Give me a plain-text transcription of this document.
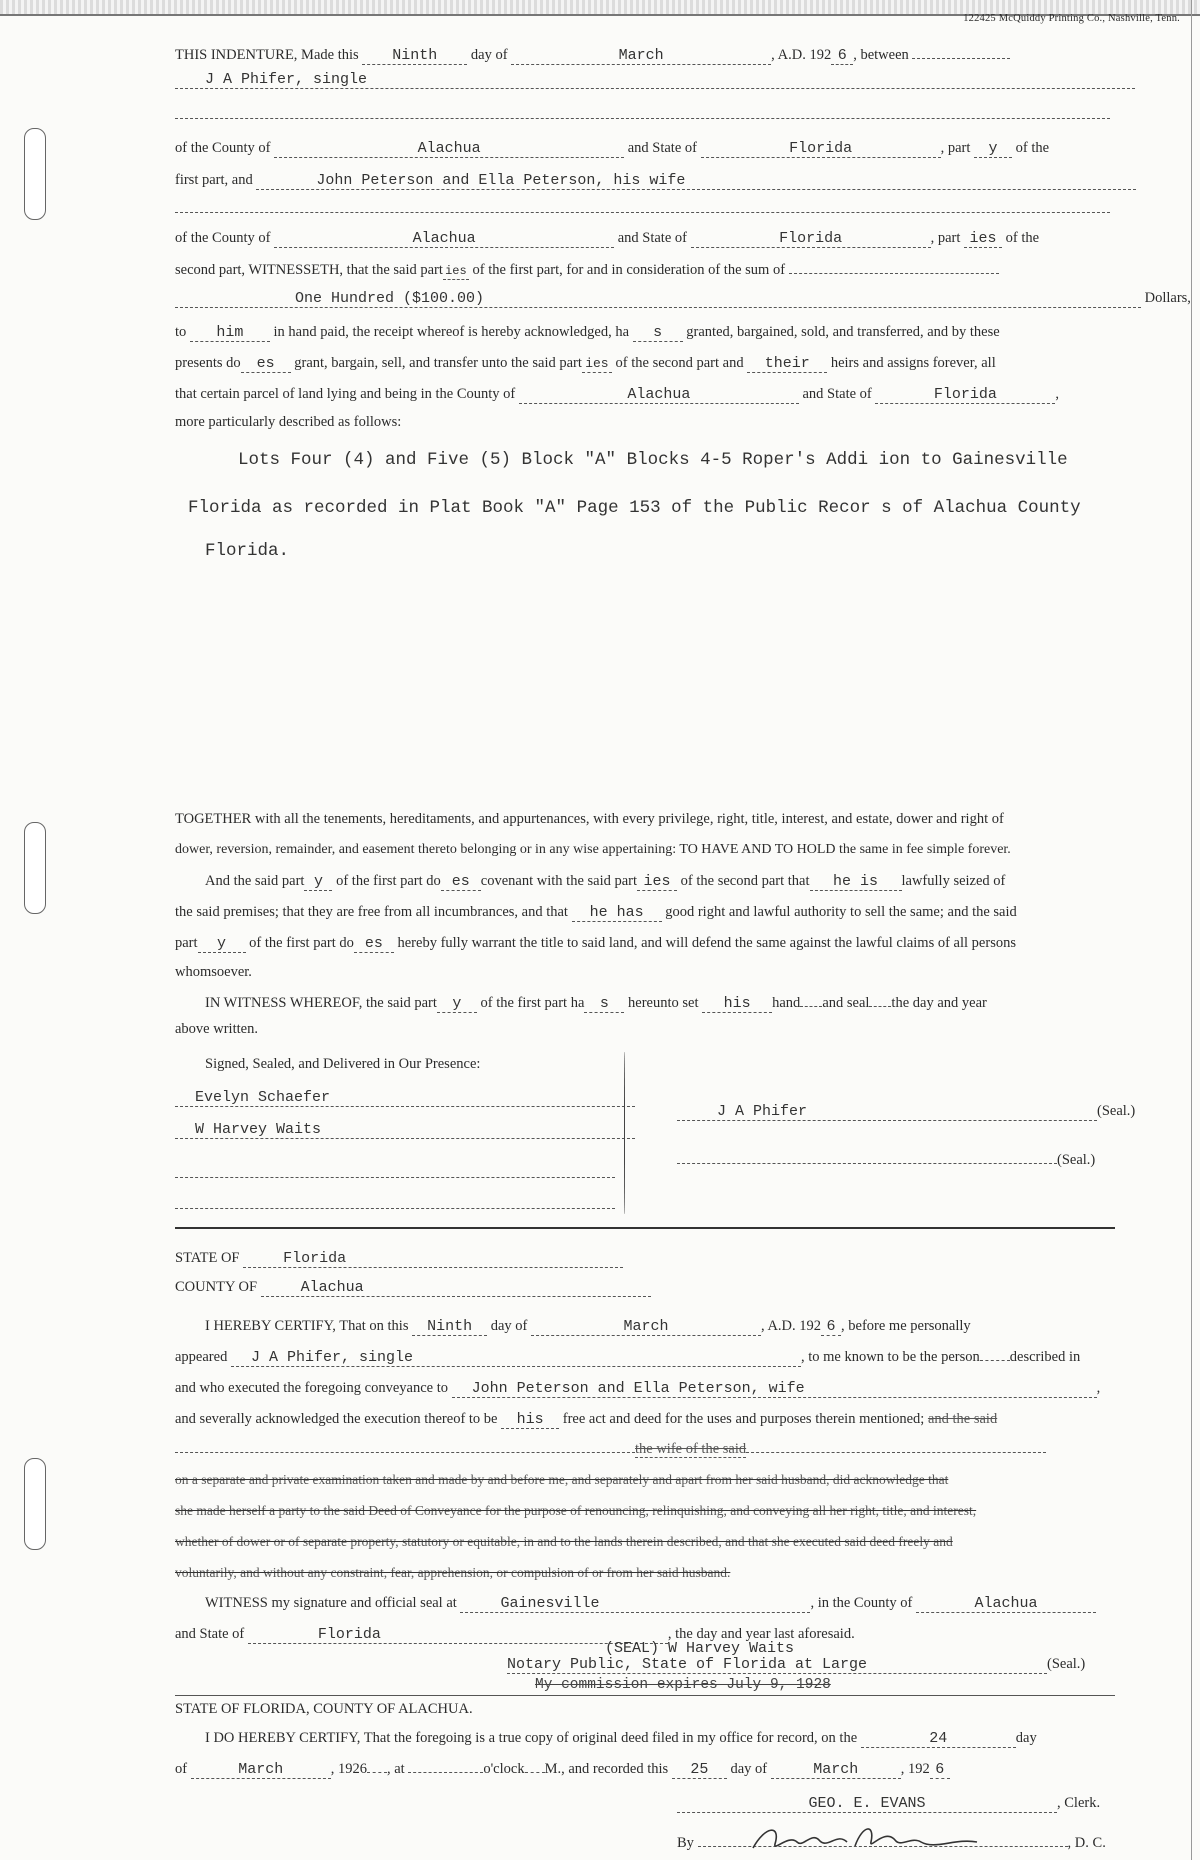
122425 McQuiddy Printing Co., Nashville, Tenn.
THIS INDENTURE, Made this Ninth day of	March	, A.D. 192 6 , between
J A Phifer, single
of the County of	Alachua	and State of	Florida	, part y of the
first part, and	John Peterson and Ella Peterson, his wife
of the County of	Alachua	and State of	Florida	, part ies of the
second part, WITNESSETH, that the said part ies of the first part, for and in consideration of the sum of
One Hundred ($100.00)	Dollars,
to him in hand paid, the receipt whereof is hereby acknowledged, ha s granted, bargained, sold, and transferred, and by these
presents do es grant, bargain, sell, and transfer unto the said part ies of the second part and their heirs and assigns forever, all
that certain parcel of land lying and being in the County of	Alachua	and State of	Florida	,
more particularly described as follows:
Lots Four (4) and Five (5) Block "A" Blocks 4-5 Roper's Addi ion to Gainesville
Florida as recorded in Plat Book "A" Page 153 of the Public Recor s of Alachua County
Florida.
TOGETHER with all the tenements, hereditaments, and appurtenances, with every privilege, right, title, interest, and estate, dower and right of
dower, reversion, remainder, and easement thereto belonging or in any wise appertaining: TO HAVE AND TO HOLD the same in fee simple forever.
And the said part y of the first part do es covenant with the said part ies of the second part that he is lawfully seized of
the said premises; that they are free from all incumbrances, and that he has good right and lawful authority to sell the same; and the said
part y of the first part do es hereby fully warrant the title to said land, and will defend the same against the lawful claims of all persons
whomsoever.
IN WITNESS WHEREOF, the said part y of the first part ha s hereunto set his hand and seal the day and year
above written.
Signed, Sealed, and Delivered in Our Presence:
Evelyn Schaefer
W Harvey Waits
J A Phifer	(Seal.)
(Seal.)
STATE OF	Florida
COUNTY OF	Alachua
I HEREBY CERTIFY, That on this Ninth day of	March	, A.D. 192 6 , before me personally
appeared J A Phifer, single	, to me known to be the person described in
and who executed the foregoing conveyance to John Peterson and Ella Peterson, wife	,
and severally acknowledged the execution thereof to be his free act and deed for the uses and purposes therein mentioned; and the said
the wife of the said
on a separate and private examination taken and made by and before me, and separately and apart from her said husband, did acknowledge that
she made herself a party to the said Deed of Conveyance for the purpose of renouncing, relinquishing, and conveying all her right, title, and interest,
whether of dower or of separate property, statutory or equitable, in and to the lands therein described, and that she executed said deed freely and
voluntarily, and without any constraint, fear, apprehension, or compulsion of or from her said husband.
WITNESS my signature and official seal at	Gainesville	, in the County of	Alachua
and State of	Florida	, the day and year last aforesaid.
(SEAL) W Harvey Waits
Notary Public, State of Florida at Large	(Seal.)
My commission expires July 9, 1928
STATE OF FLORIDA, COUNTY OF ALACHUA.
I DO HEREBY CERTIFY, That the foregoing is a true copy of original deed filed in my office for record, on the	24	day
of	March	, 1926 , at	o'clock M., and recorded this 25 day of	March	, 192 6
GEO. E. EVANS	, Clerk.
By	, D. C.
